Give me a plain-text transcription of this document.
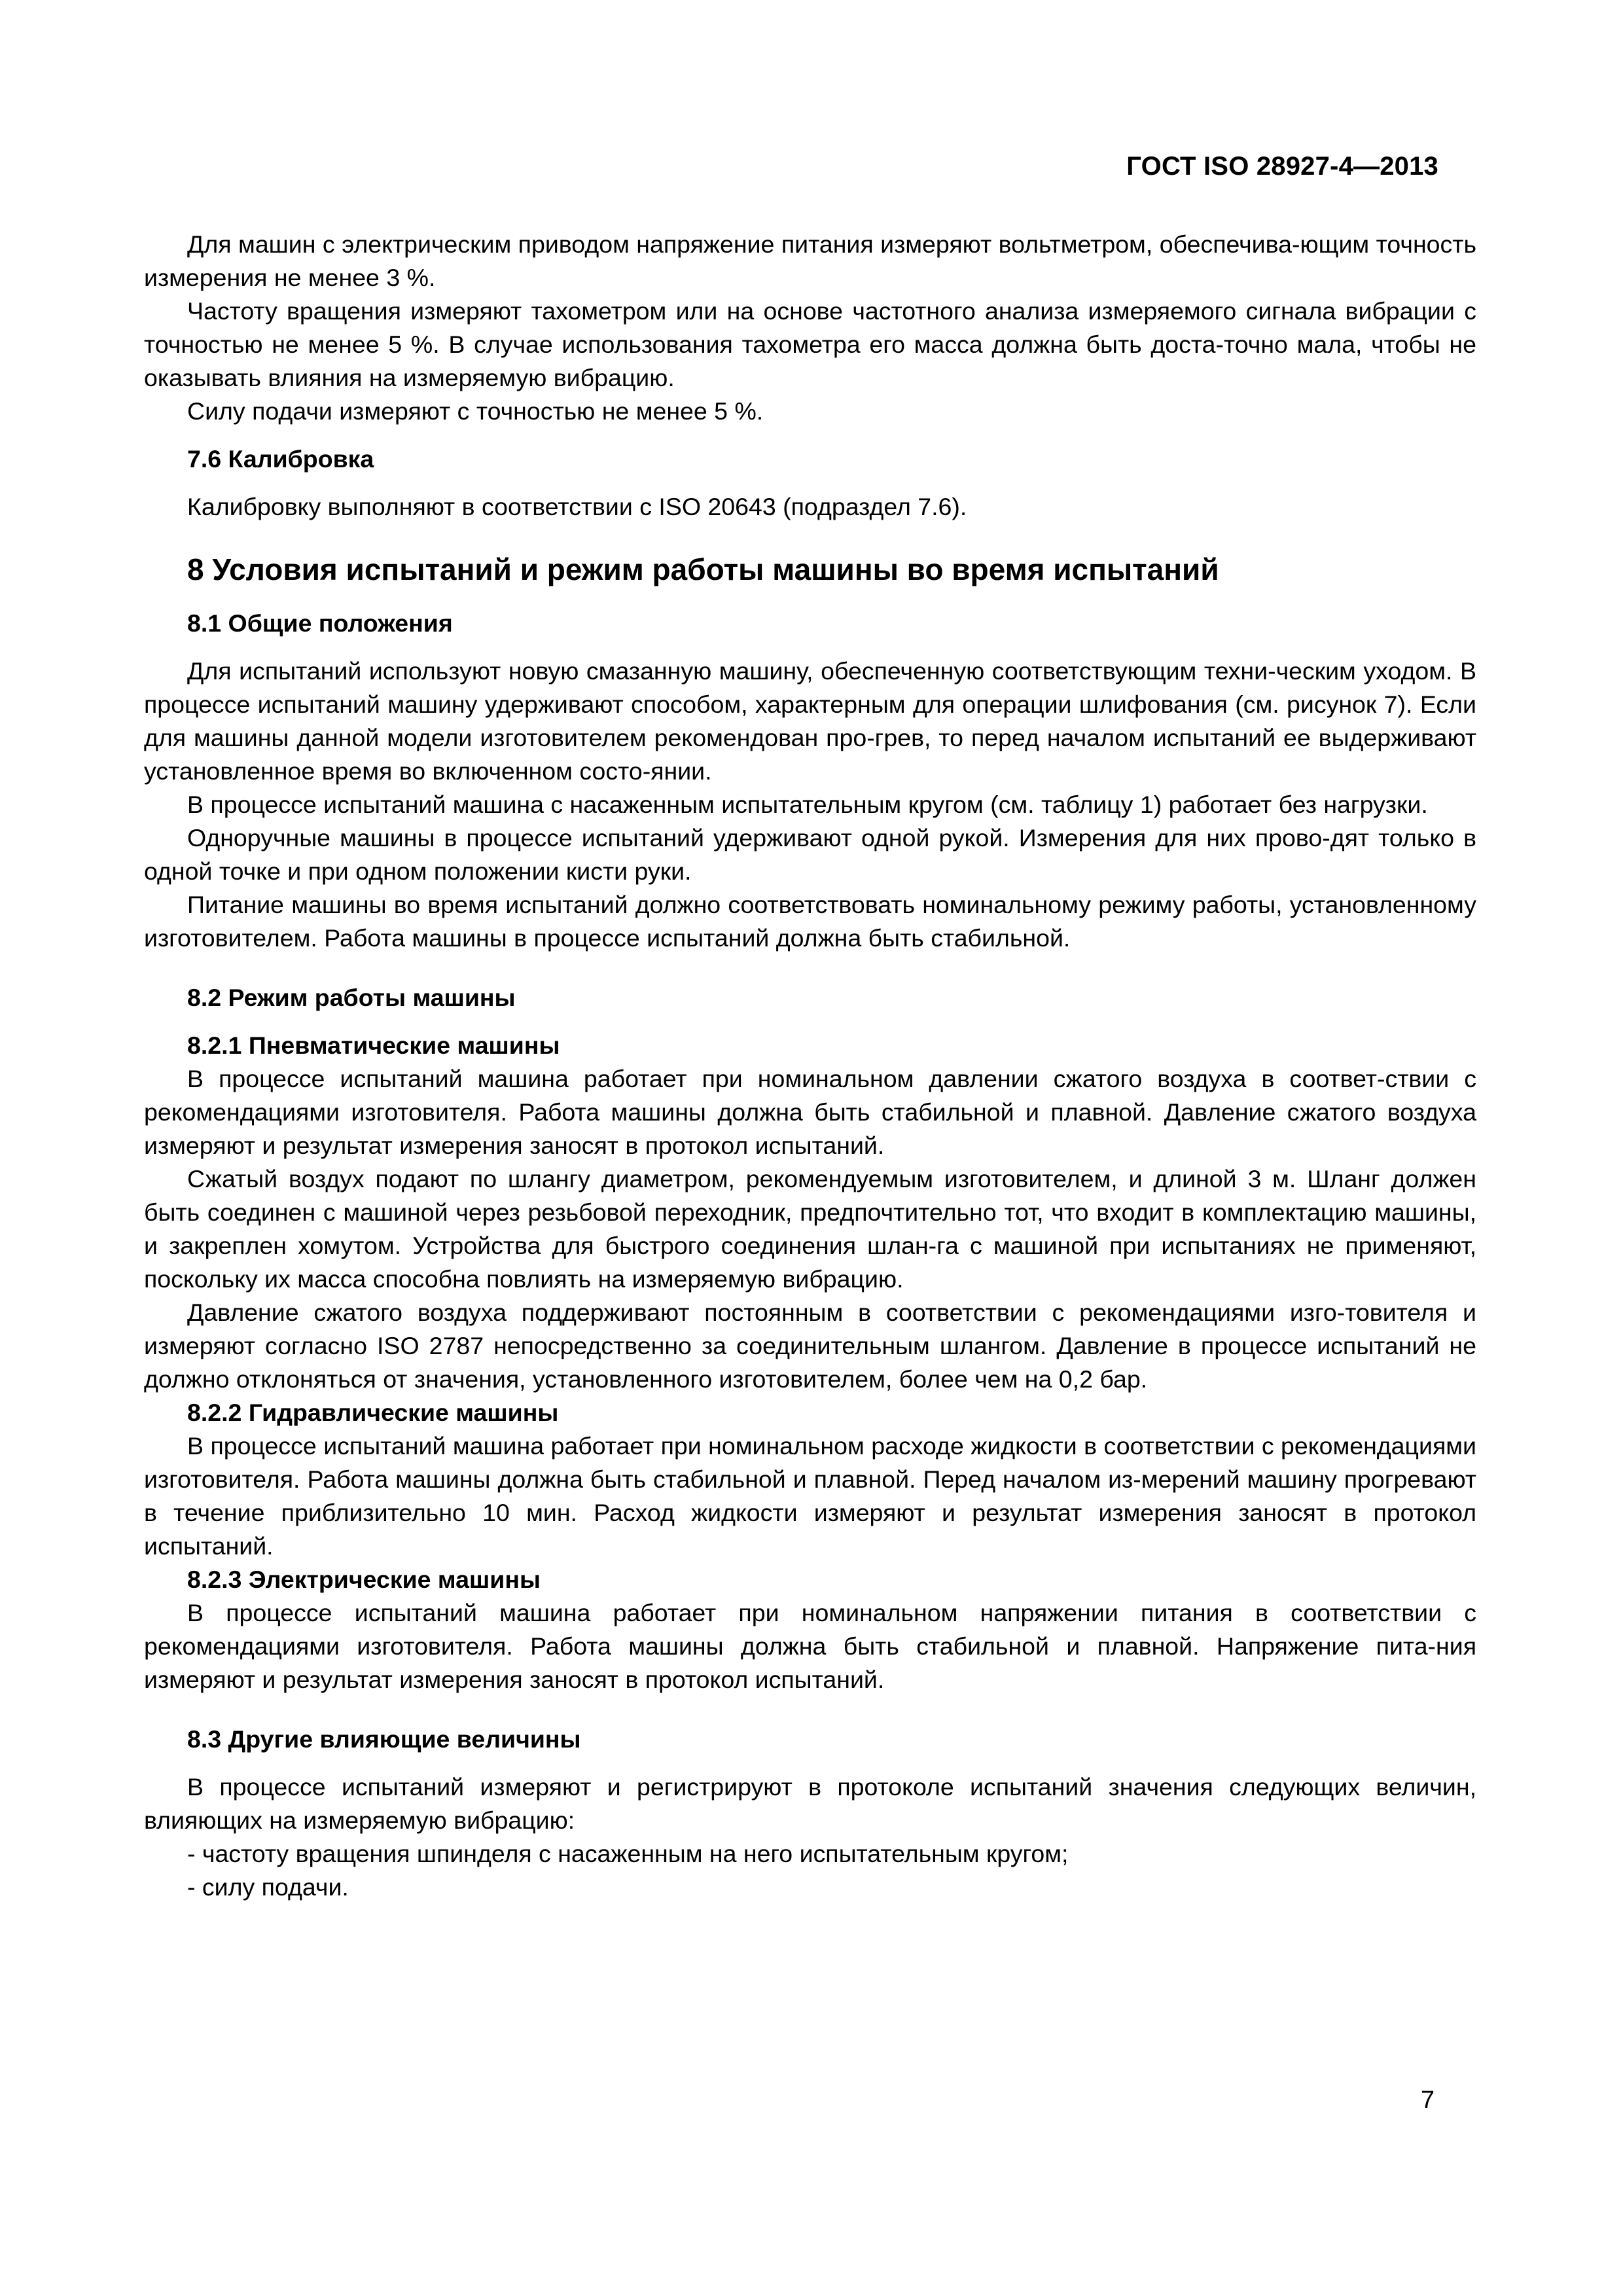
ГОСТ ISO 28927-4—2013

Для машин с электрическим приводом напряжение питания измеряют вольтметром, обеспечива-ющим точность измерения не менее 3 %.

Частоту вращения измеряют тахометром или на основе частотного анализа измеряемого сигнала вибрации с точностью не менее 5 %. В случае использования тахометра его масса должна быть доста-точно мала, чтобы не оказывать влияния на измеряемую вибрацию.

Силу подачи измеряют с точностью не менее 5 %.

7.6 Калибровка

Калибровку выполняют в соответствии с ISO 20643 (подраздел 7.6).

8 Условия испытаний и режим работы машины во время испытаний
8.1 Общие положения

Для испытаний используют новую смазанную машину, обеспеченную соответствующим техни-ческим уходом. В процессе испытаний машину удерживают способом, характерным для операции шлифования (см. рисунок 7). Если для машины данной модели изготовителем рекомендован про-грев, то перед началом испытаний ее выдерживают установленное время во включенном состо-янии.

В процессе испытаний машина с насаженным испытательным кругом (см. таблицу 1) работает без нагрузки.

Одноручные машины в процессе испытаний удерживают одной рукой. Измерения для них прово-дят только в одной точке и при одном положении кисти руки.

Питание машины во время испытаний должно соответствовать номинальному режиму работы, установленному изготовителем. Работа машины в процессе испытаний должна быть стабильной.

8.2 Режим работы машины
8.2.1 Пневматические машины

В процессе испытаний машина работает при номинальном давлении сжатого воздуха в соответ-ствии с рекомендациями изготовителя. Работа машины должна быть стабильной и плавной. Давление сжатого воздуха измеряют и результат измерения заносят в протокол испытаний.

Сжатый воздух подают по шлангу диаметром, рекомендуемым изготовителем, и длиной 3 м. Шланг должен быть соединен с машиной через резьбовой переходник, предпочтительно тот, что входит в комплектацию машины, и закреплен хомутом. Устройства для быстрого соединения шлан-га с машиной при испытаниях не применяют, поскольку их масса способна повлиять на измеряемую вибрацию.

Давление сжатого воздуха поддерживают постоянным в соответствии с рекомендациями изго-товителя и измеряют согласно ISO 2787 непосредственно за соединительным шлангом. Давление в процессе испытаний не должно отклоняться от значения, установленного изготовителем, более чем на 0,2 бар.

8.2.2 Гидравлические машины

В процессе испытаний машина работает при номинальном расходе жидкости в соответствии с рекомендациями изготовителя. Работа машины должна быть стабильной и плавной. Перед началом из-мерений машину прогревают в течение приблизительно 10 мин. Расход жидкости измеряют и результат измерения заносят в протокол испытаний.

8.2.3 Электрические машины

В процессе испытаний машина работает при номинальном напряжении питания в соответствии с рекомендациями изготовителя. Работа машины должна быть стабильной и плавной. Напряжение пита-ния измеряют и результат измерения заносят в протокол испытаний.

8.3 Другие влияющие величины

В процессе испытаний измеряют и регистрируют в протоколе испытаний значения следующих величин, влияющих на измеряемую вибрацию:

- частоту вращения шпинделя с насаженным на него испытательным кругом;

- силу подачи.

7
